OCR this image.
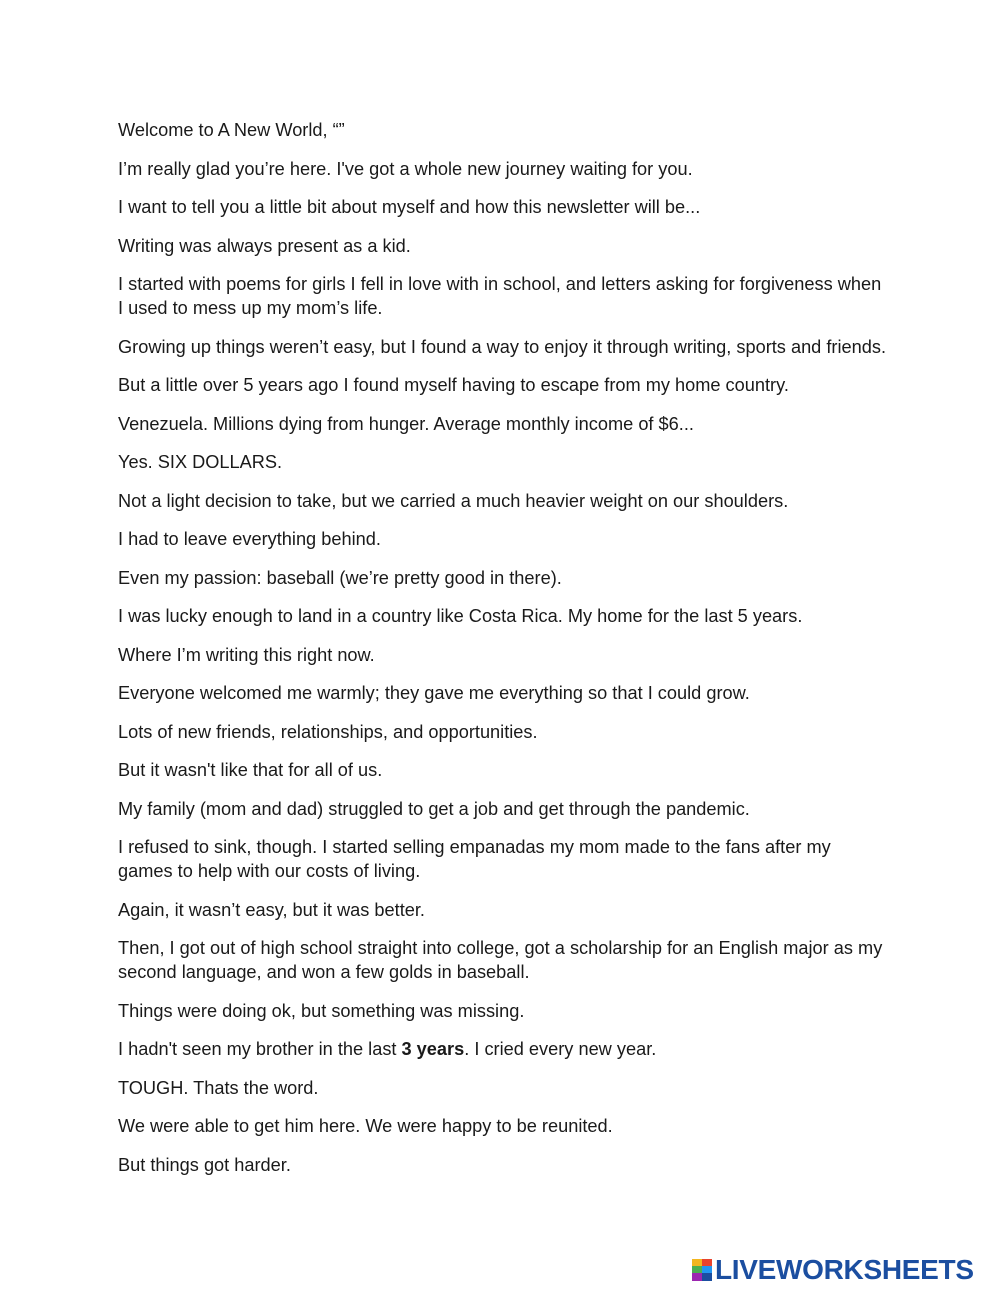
Welcome to A New World, “”

I’m really glad you’re here. I've got a whole new journey waiting for you.

I want to tell you a little bit about myself and how this newsletter will be...

Writing was always present as a kid.

I started with poems for girls I fell in love with in school, and letters asking for forgiveness when I used to mess up my mom’s life.

Growing up things weren’t easy, but I found a way to enjoy it through writing, sports and friends.

But a little over 5 years ago I found myself having to escape from my home country.

Venezuela. Millions dying from hunger. Average monthly income of $6...

Yes. SIX DOLLARS.

Not a light decision to take, but we carried a much heavier weight on our shoulders.

I had to leave everything behind.

Even my passion: baseball (we’re pretty good in there).

I was lucky enough to land in a country like Costa Rica. My home for the last 5 years.

Where I’m writing this right now.

Everyone welcomed me warmly; they gave me everything so that I could grow.

Lots of new friends, relationships, and opportunities.

But it wasn't like that for all of us.

My family (mom and dad) struggled to get a job and get through the pandemic.

I refused to sink, though. I started selling empanadas my mom made to the fans after my games to help with our costs of living.

Again, it wasn’t easy, but it was better.

Then, I got out of high school straight into college, got a scholarship for an English major as my second language, and won a few golds in baseball.

Things were doing ok, but something was missing.

I hadn't seen my brother in the last 3 years. I cried every new year.

TOUGH. Thats the word.

We were able to get him here. We were happy to be reunited.

But things got harder.

LIVEWORKSHEETS
